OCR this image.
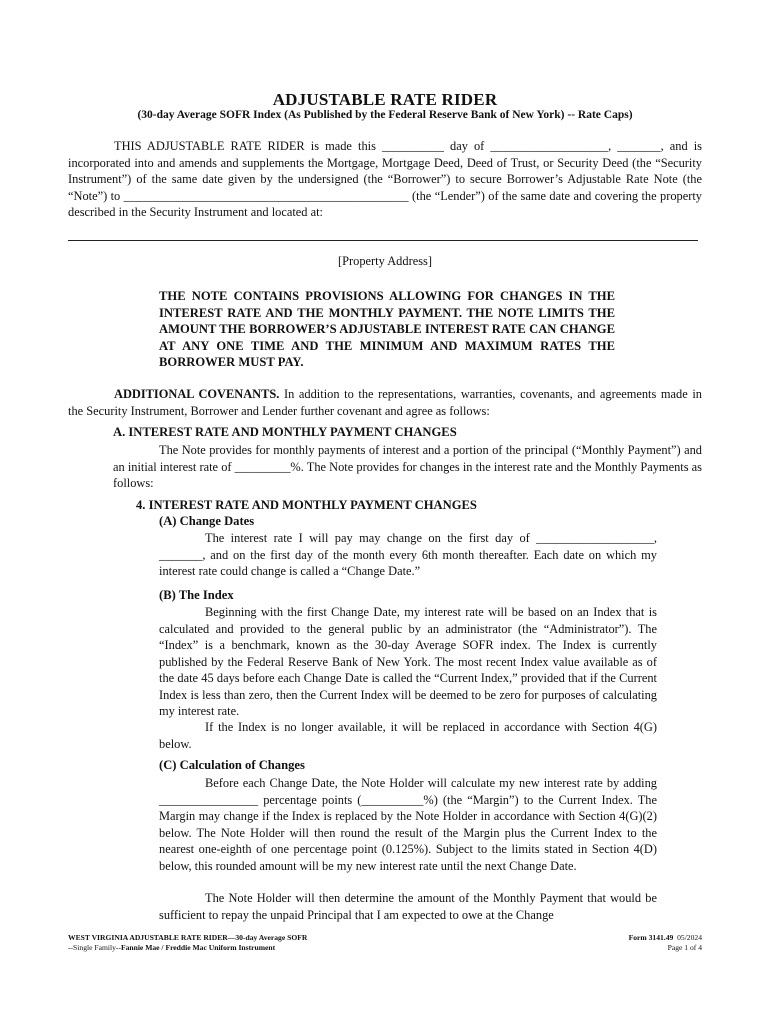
ADJUSTABLE RATE RIDER
(30-day Average SOFR Index (As Published by the Federal Reserve Bank of New York) -- Rate Caps)

THIS ADJUSTABLE RATE RIDER is made this __________ day of ___________________, _______, and is incorporated into and amends and supplements the Mortgage, Mortgage Deed, Deed of Trust, or Security Deed (the “Security Instrument”) of the same date given by the undersigned (the “Borrower”) to secure Borrower’s Adjustable Rate Note (the “Note”) to ______________________________________________ (the “Lender”) of the same date and covering the property described in the Security Instrument and located at:

[Property Address]
THE NOTE CONTAINS PROVISIONS ALLOWING FOR CHANGES IN THE INTEREST RATE AND THE MONTHLY PAYMENT. THE NOTE LIMITS THE AMOUNT THE BORROWER’S ADJUSTABLE INTEREST RATE CAN CHANGE AT ANY ONE TIME AND THE MINIMUM AND MAXIMUM RATES THE BORROWER MUST PAY.

ADDITIONAL COVENANTS. In addition to the representations, warranties, covenants, and agreements made in the Security Instrument, Borrower and Lender further covenant and agree as follows:

A. INTEREST RATE AND MONTHLY PAYMENT CHANGES

The Note provides for monthly payments of interest and a portion of the principal (“Monthly Payment”) and an initial interest rate of _________%. The Note provides for changes in the interest rate and the Monthly Payments as follows:

4. INTEREST RATE AND MONTHLY PAYMENT CHANGES
(A) Change Dates

The interest rate I will pay may change on the first day of ___________________, _______, and on the first day of the month every 6th month thereafter. Each date on which my interest rate could change is called a “Change Date.”

(B) The Index

Beginning with the first Change Date, my interest rate will be based on an Index that is calculated and provided to the general public by an administrator (the “Administrator”). The “Index” is a benchmark, known as the 30-day Average SOFR index. The Index is currently published by the Federal Reserve Bank of New York. The most recent Index value available as of the date 45 days before each Change Date is called the “Current Index,” provided that if the Current Index is less than zero, then the Current Index will be deemed to be zero for purposes of calculating my interest rate.

If the Index is no longer available, it will be replaced in accordance with Section 4(G) below.

(C) Calculation of Changes

Before each Change Date, the Note Holder will calculate my new interest rate by adding ________________ percentage points (__________%) (the “Margin”) to the Current Index. The Margin may change if the Index is replaced by the Note Holder in accordance with Section 4(G)(2) below. The Note Holder will then round the result of the Margin plus the Current Index to the nearest one-eighth of one percentage point (0.125%). Subject to the limits stated in Section 4(D) below, this rounded amount will be my new interest rate until the next Change Date.

The Note Holder will then determine the amount of the Monthly Payment that would be sufficient to repay the unpaid Principal that I am expected to owe at the Change

WEST VIRGINIA ADJUSTABLE RATE RIDER—30-day Average SOFR
--Single Family--Fannie Mae / Freddie Mac Uniform Instrument
Form 3141.49 05/2024
Page 1 of 4
